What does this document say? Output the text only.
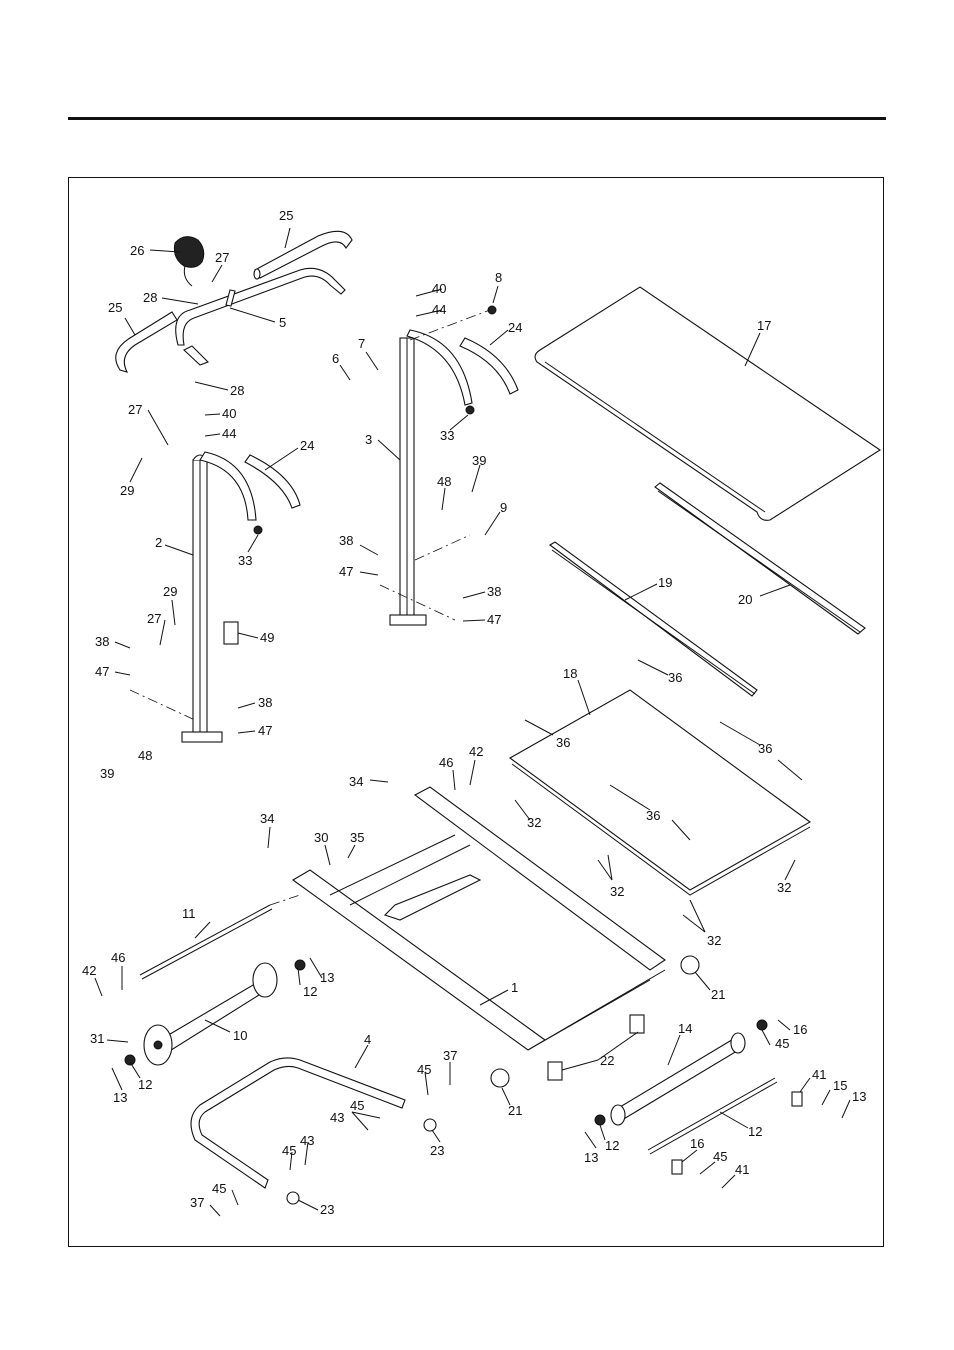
25
26	27
28
5
25
28
27	40
44
24
29
33
2
29
27
49
38
47
38
47
39
48
40
8
44
24
7
6
33
3
39
48
9
38
47
38
47
17
19
20
18	36
36	36
36
32
32	32
32
34
46
42
34
30 35
11
42
46
13
12
10
31
13
12
1	21
22
21
4
37
45
45
43
23
45
43
37
45
23
13
12
14	16
45
41
15
13
12
16
45
41
